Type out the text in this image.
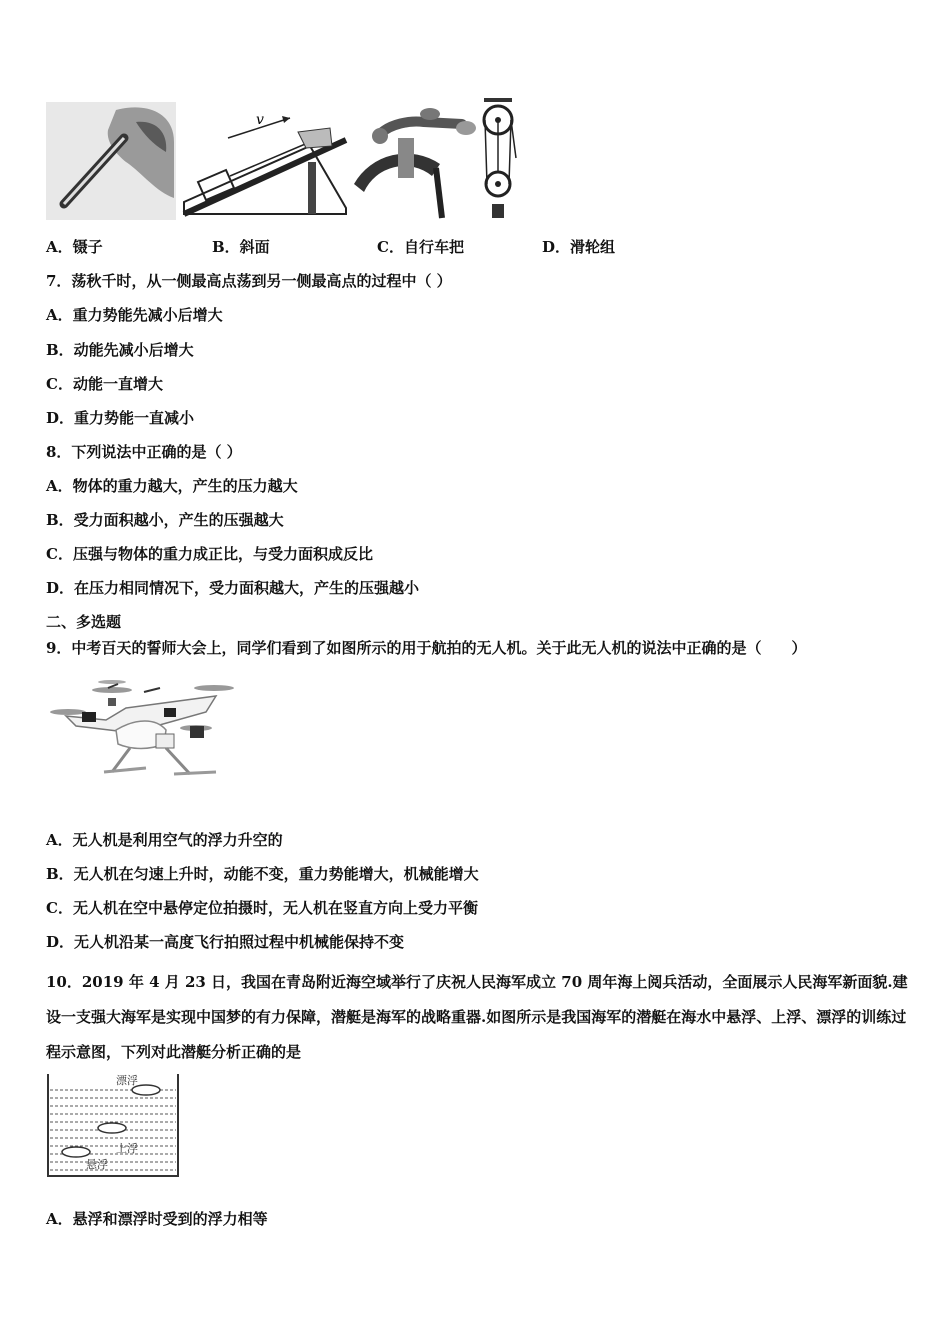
v
A．镊子	B．斜面	C．自行车把	D．滑轮组
7．荡秋千时，从一侧最高点荡到另一侧最高点的过程中（ ）
A．重力势能先减小后增大
B．动能先减小后增大
C．动能一直增大
D．重力势能一直减小
8．下列说法中正确的是（ ）
A．物体的重力越大，产生的压力越大
B．受力面积越小，产生的压强越大
C．压强与物体的重力成正比，与受力面积成反比
D．在压力相同情况下，受力面积越大，产生的压强越小
二、多选题
9．中考百天的誓师大会上，同学们看到了如图所示的用于航拍的无人机。关于此无人机的说法中正确的是（　　）
A．无人机是利用空气的浮力升空的
B．无人机在匀速上升时，动能不变，重力势能增大，机械能增大
C．无人机在空中悬停定位拍摄时，无人机在竖直方向上受力平衡
D．无人机沿某一高度飞行拍照过程中机械能保持不变
10．2019 年 4 月 23 日，我国在青岛附近海空域举行了庆祝人民海军成立 70 周年海上阅兵活动，全面展示人民海军新面貌.建设一支强大海军是实现中国梦的有力保障，潜艇是海军的战略重器.如图所示是我国海军的潜艇在海水中悬浮、上浮、漂浮的训练过程示意图，下列对此潜艇分析正确的是
漂浮
上浮
悬浮
A．悬浮和漂浮时受到的浮力相等
